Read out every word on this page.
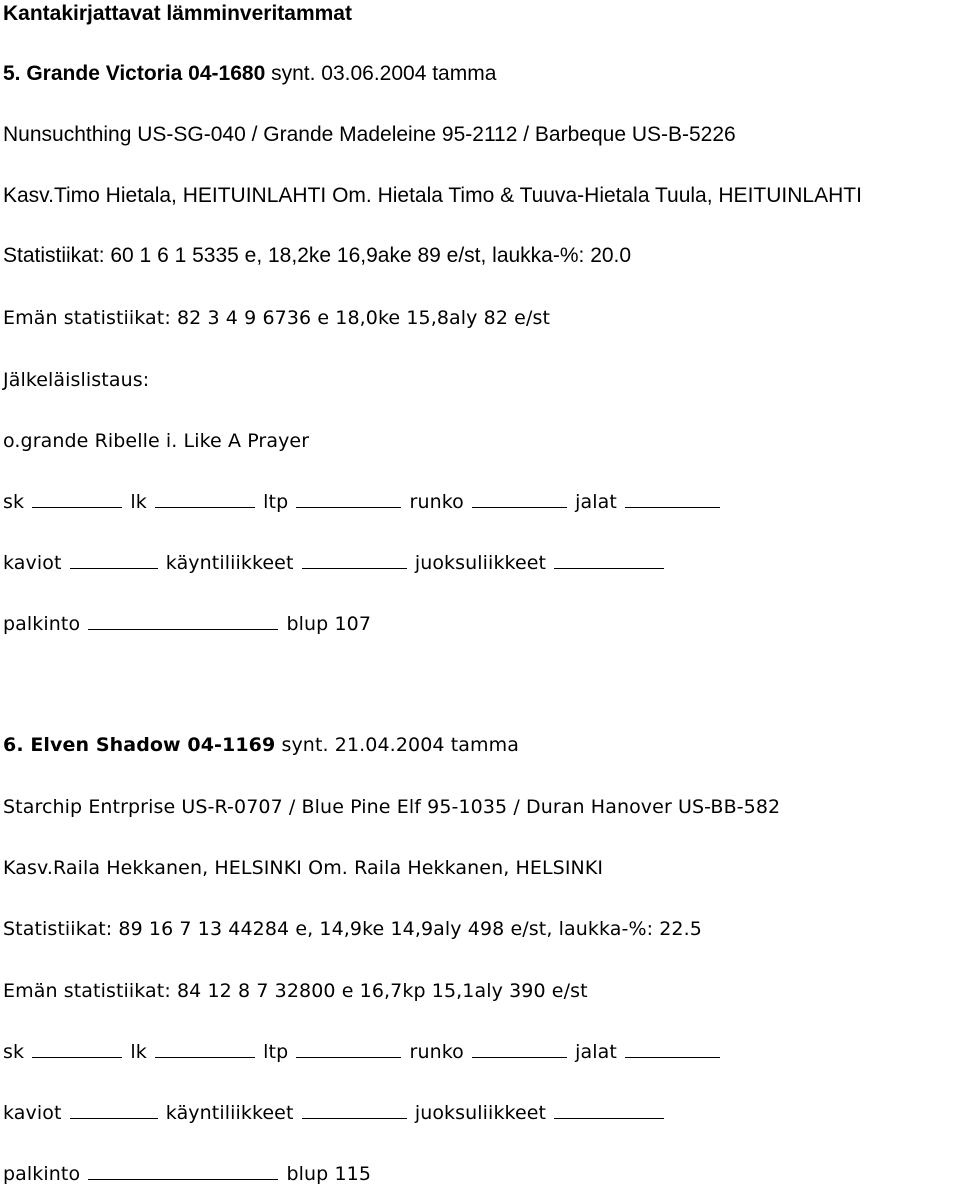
Kantakirjattavat lämminveritammat
5. Grande Victoria 04-1680 synt. 03.06.2004 tamma
Nunsuchthing US-SG-040 / Grande Madeleine 95-2112 / Barbeque US-B-5226
Kasv.Timo Hietala, HEITUINLAHTI Om. Hietala Timo & Tuuva-Hietala Tuula, HEITUINLAHTI
Statistiikat: 60 1 6 1 5335 e, 18,2ke 16,9ake 89 e/st, laukka-%: 20.0
Emän statistiikat: 82 3 4 9 6736 e 18,0ke 15,8aly 82 e/st
Jälkeläislistaus:
o.grande Ribelle i. Like A Prayer
sk	lk	ltp	runko	jalat
kaviot	käyntiliikkeet	juoksuliikkeet
palkinto	blup 107
6. Elven Shadow 04-1169 synt. 21.04.2004 tamma
Starchip Entrprise US-R-0707 / Blue Pine Elf 95-1035 / Duran Hanover US-BB-582
Kasv.Raila Hekkanen, HELSINKI Om. Raila Hekkanen, HELSINKI
Statistiikat: 89 16 7 13 44284 e, 14,9ke 14,9aly 498 e/st, laukka-%: 22.5
Emän statistiikat: 84 12 8 7 32800 e 16,7kp 15,1aly 390 e/st
sk	lk	ltp	runko	jalat
kaviot	käyntiliikkeet	juoksuliikkeet
palkinto	blup 115
